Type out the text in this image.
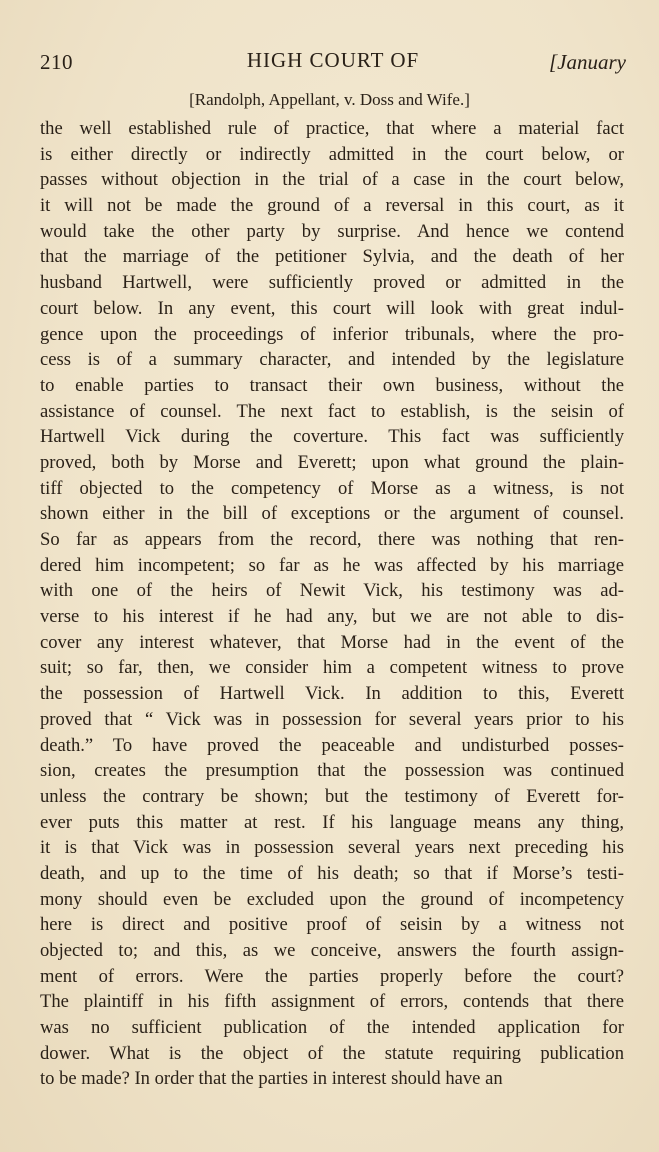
210	HIGH COURT OF	[January
[Randolph, Appellant, v. Doss and Wife.]
the well established rule of practice, that where a material fact
is either directly or indirectly admitted in the court below, or
passes without objection in the trial of a case in the court below,
it will not be made the ground of a reversal in this court, as it
would take the other party by surprise. And hence we contend
that the marriage of the petitioner Sylvia, and the death of her
husband Hartwell, were sufficiently proved or admitted in the
court below. In any event, this court will look with great indul-
gence upon the proceedings of inferior tribunals, where the pro-
cess is of a summary character, and intended by the legislature
to enable parties to transact their own business, without the
assistance of counsel. The next fact to establish, is the seisin of
Hartwell Vick during the coverture. This fact was sufficiently
proved, both by Morse and Everett; upon what ground the plain-
tiff objected to the competency of Morse as a witness, is not
shown either in the bill of exceptions or the argument of counsel.
So far as appears from the record, there was nothing that ren-
dered him incompetent; so far as he was affected by his marriage
with one of the heirs of Newit Vick, his testimony was ad-
verse to his interest if he had any, but we are not able to dis-
cover any interest whatever, that Morse had in the event of the
suit; so far, then, we consider him a competent witness to prove
the possession of Hartwell Vick. In addition to this, Everett
proved that “ Vick was in possession for several years prior to his
death.” To have proved the peaceable and undisturbed posses-
sion, creates the presumption that the possession was continued
unless the contrary be shown; but the testimony of Everett for-
ever puts this matter at rest. If his language means any thing,
it is that Vick was in possession several years next preceding his
death, and up to the time of his death; so that if Morse’s testi-
mony should even be excluded upon the ground of incompetency
here is direct and positive proof of seisin by a witness not
objected to; and this, as we conceive, answers the fourth assign-
ment of errors. Were the parties properly before the court?
The plaintiff in his fifth assignment of errors, contends that there
was no sufficient publication of the intended application for
dower. What is the object of the statute requiring publication
to be made? In order that the parties in interest should have an
